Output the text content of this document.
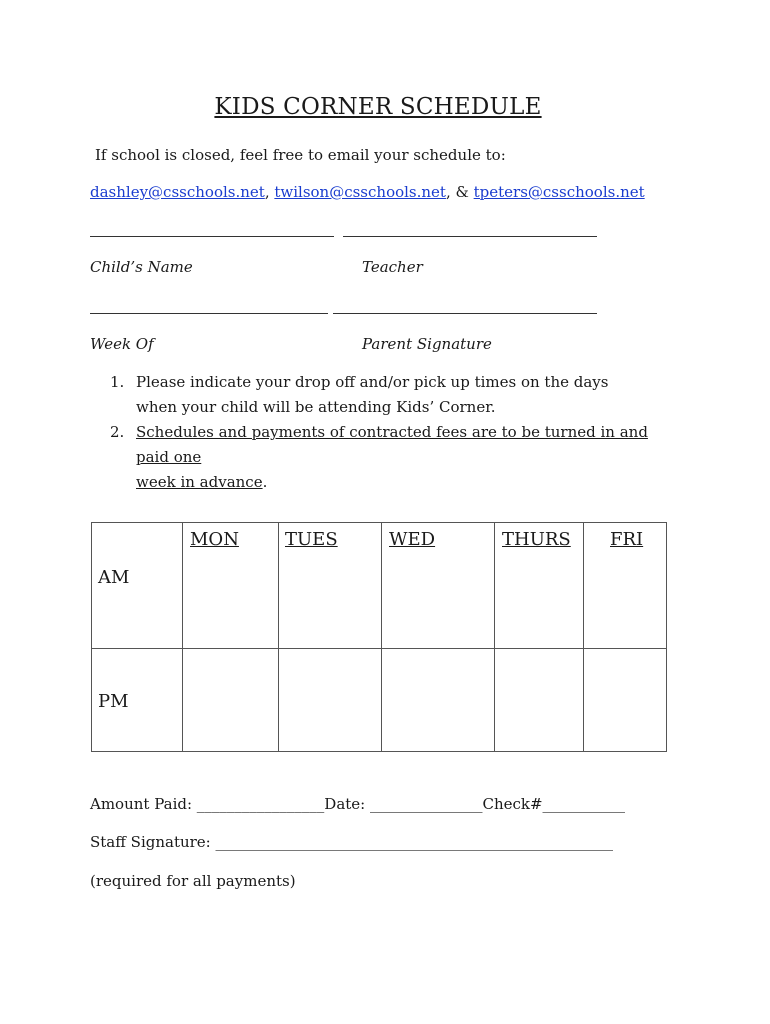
KIDS CORNER SCHEDULE
If school is closed, feel free to email your schedule to:
dashley@csschools.net, twilson@csschools.net, & tpeters@csschools.net
Child’s Name	Teacher
Week Of	Parent Signature
1. Please indicate your drop off and/or pick up times on the days
when your child will be attending Kids’ Corner.
2. Schedules and payments of contracted fees are to be turned in and paid one
week in advance.
AM	MON	TUES	WED	THURS	FRI

PM					

Amount Paid: _________________Date: _______________Check#___________
Staff Signature: _____________________________________________________
(required for all payments)
